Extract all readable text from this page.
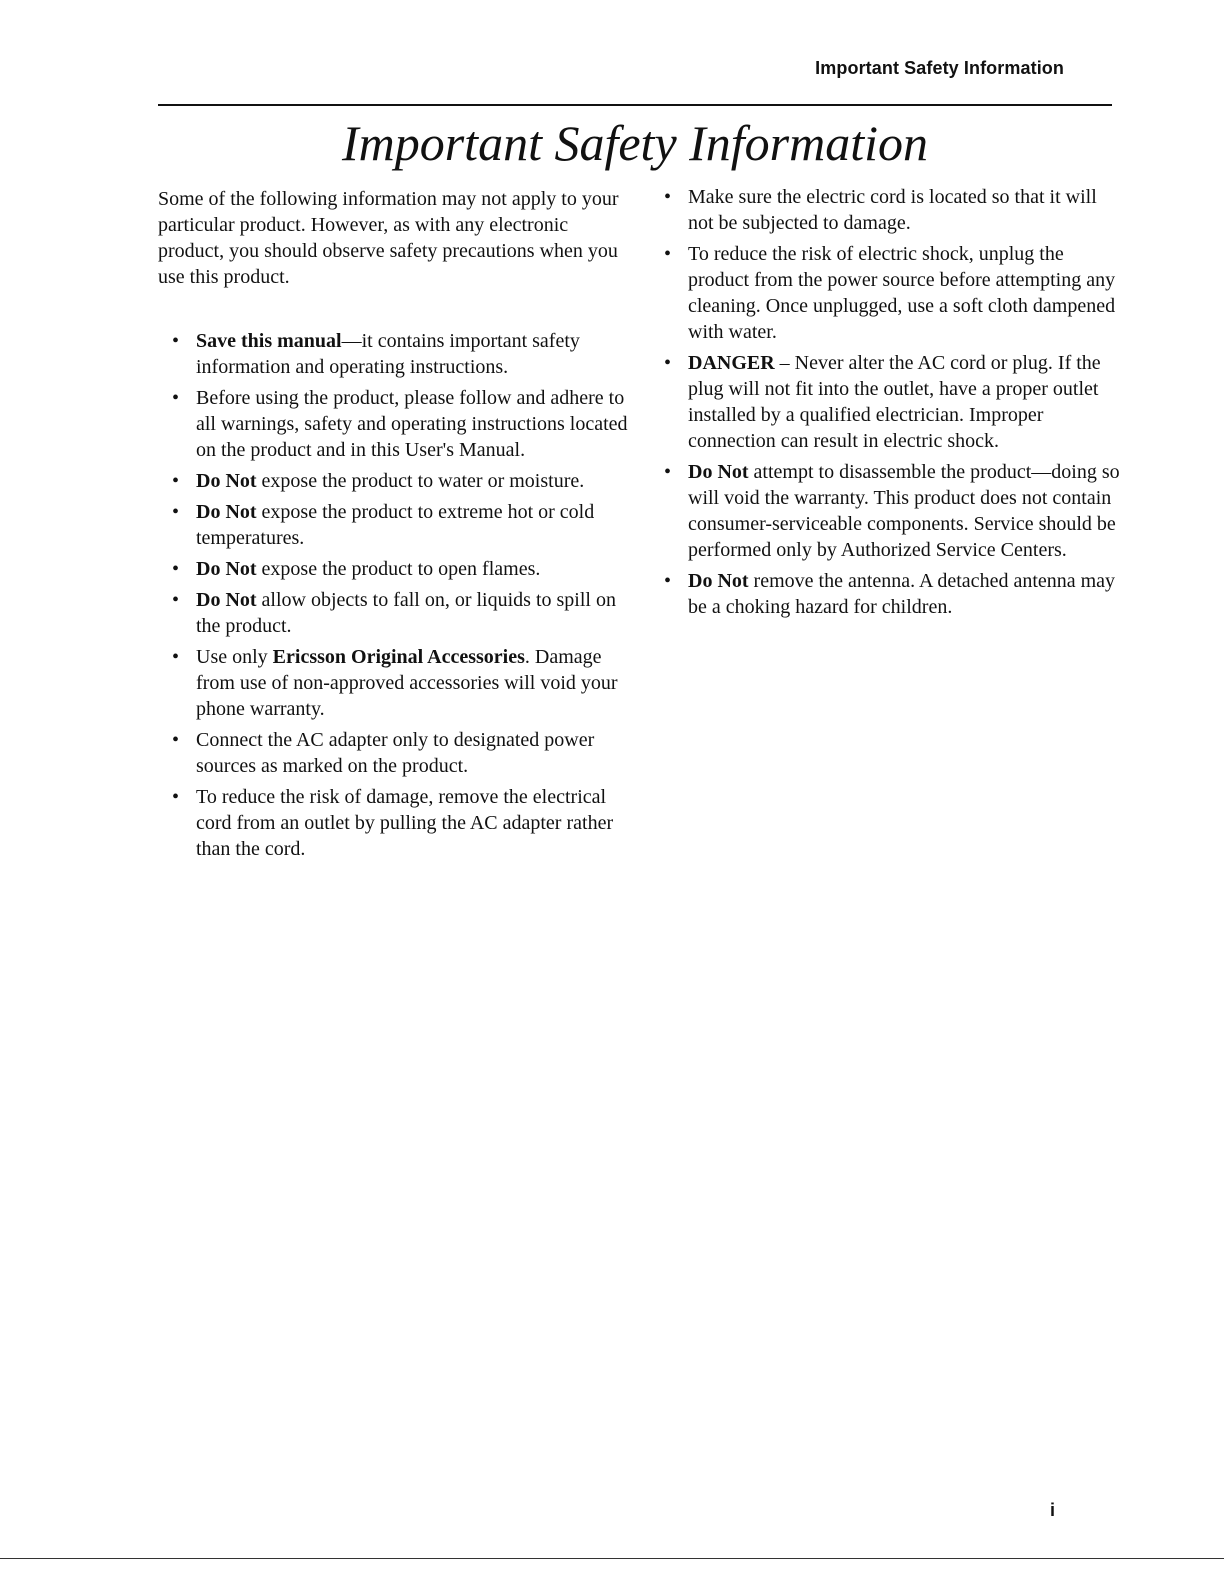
Important Safety Information
Important Safety Information

Some of the following information may not apply to your particular product. However, as with any electronic product, you should observe safety precautions when you use this product.

• Save this manual—it contains important safety information and operating instructions.
• Before using the product, please follow and adhere to all warnings, safety and operating instructions located on the product and in this User's Manual.
• Do Not expose the product to water or moisture.
• Do Not expose the product to extreme hot or cold temperatures.
• Do Not expose the product to open flames.
• Do Not allow objects to fall on, or liquids to spill on the product.
• Use only Ericsson Original Accessories. Damage from use of non-approved accessories will void your phone warranty.
• Connect the AC adapter only to designated power sources as marked on the product.
• To reduce the risk of damage, remove the electrical cord from an outlet by pulling the AC adapter rather than the cord.
• Make sure the electric cord is located so that it will not be subjected to damage.
• To reduce the risk of electric shock, unplug the product from the power source before attempting any cleaning. Once unplugged, use a soft cloth dampened with water.
• DANGER – Never alter the AC cord or plug. If the plug will not fit into the outlet, have a proper outlet installed by a qualified electrician. Improper connection can result in electric shock.
• Do Not attempt to disassemble the product—doing so will void the warranty. This product does not contain consumer-serviceable components. Service should be performed only by Authorized Service Centers.
• Do Not remove the antenna. A detached antenna may be a choking hazard for children.
i
